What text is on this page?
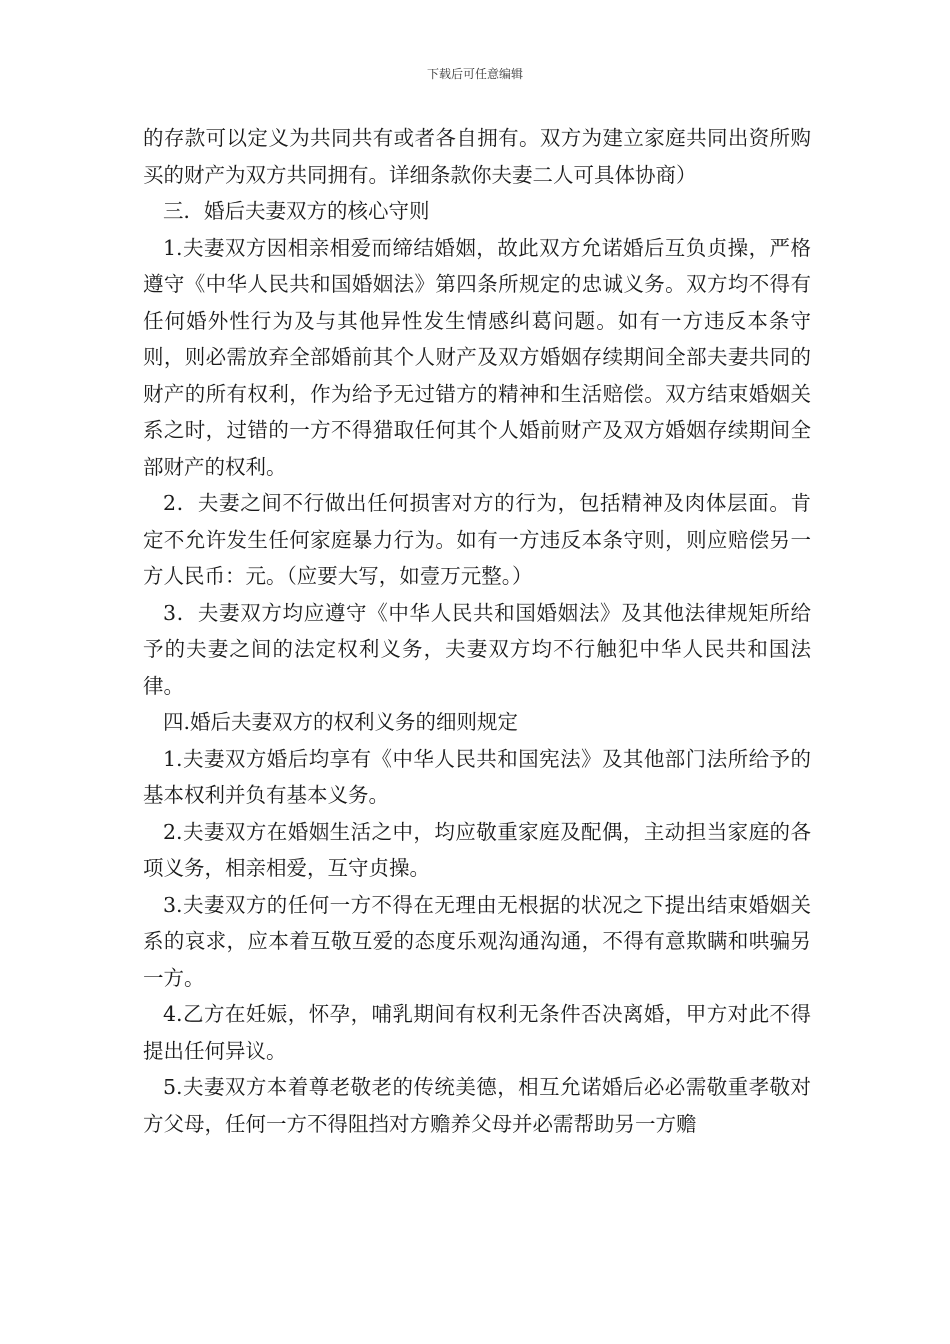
下载后可任意编辑

的存款可以定义为共同共有或者各自拥有。双方为建立家庭共同出资所购买的财产为双方共同拥有。详细条款你夫妻二人可具体协商）

三．婚后夫妻双方的核心守则

1.夫妻双方因相亲相爱而缔结婚姻，故此双方允诺婚后互负贞操，严格遵守《中华人民共和国婚姻法》第四条所规定的忠诚义务。双方均不得有任何婚外性行为及与其他异性发生情感纠葛问题。如有一方违反本条守则，则必需放弃全部婚前其个人财产及双方婚姻存续期间全部夫妻共同的财产的所有权利，作为给予无过错方的精神和生活赔偿。双方结束婚姻关系之时，过错的一方不得猎取任何其个人婚前财产及双方婚姻存续期间全部财产的权利。

2．夫妻之间不行做出任何损害对方的行为，包括精神及肉体层面。肯定不允许发生任何家庭暴力行为。如有一方违反本条守则，则应赔偿另一方人民币：元。（应要大写，如壹万元整。）

3．夫妻双方均应遵守《中华人民共和国婚姻法》及其他法律规矩所给予的夫妻之间的法定权利义务，夫妻双方均不行触犯中华人民共和国法律。

四.婚后夫妻双方的权利义务的细则规定

1.夫妻双方婚后均享有《中华人民共和国宪法》及其他部门法所给予的基本权利并负有基本义务。

2.夫妻双方在婚姻生活之中，均应敬重家庭及配偶，主动担当家庭的各项义务，相亲相爱，互守贞操。

3.夫妻双方的任何一方不得在无理由无根据的状况之下提出结束婚姻关系的哀求，应本着互敬互爱的态度乐观沟通沟通，不得有意欺瞒和哄骗另一方。

4.乙方在妊娠，怀孕，哺乳期间有权利无条件否决离婚，甲方对此不得提出任何异议。

5.夫妻双方本着尊老敬老的传统美德，相互允诺婚后必必需敬重孝敬对方父母，任何一方不得阻挡对方赡养父母并必需帮助另一方赡
